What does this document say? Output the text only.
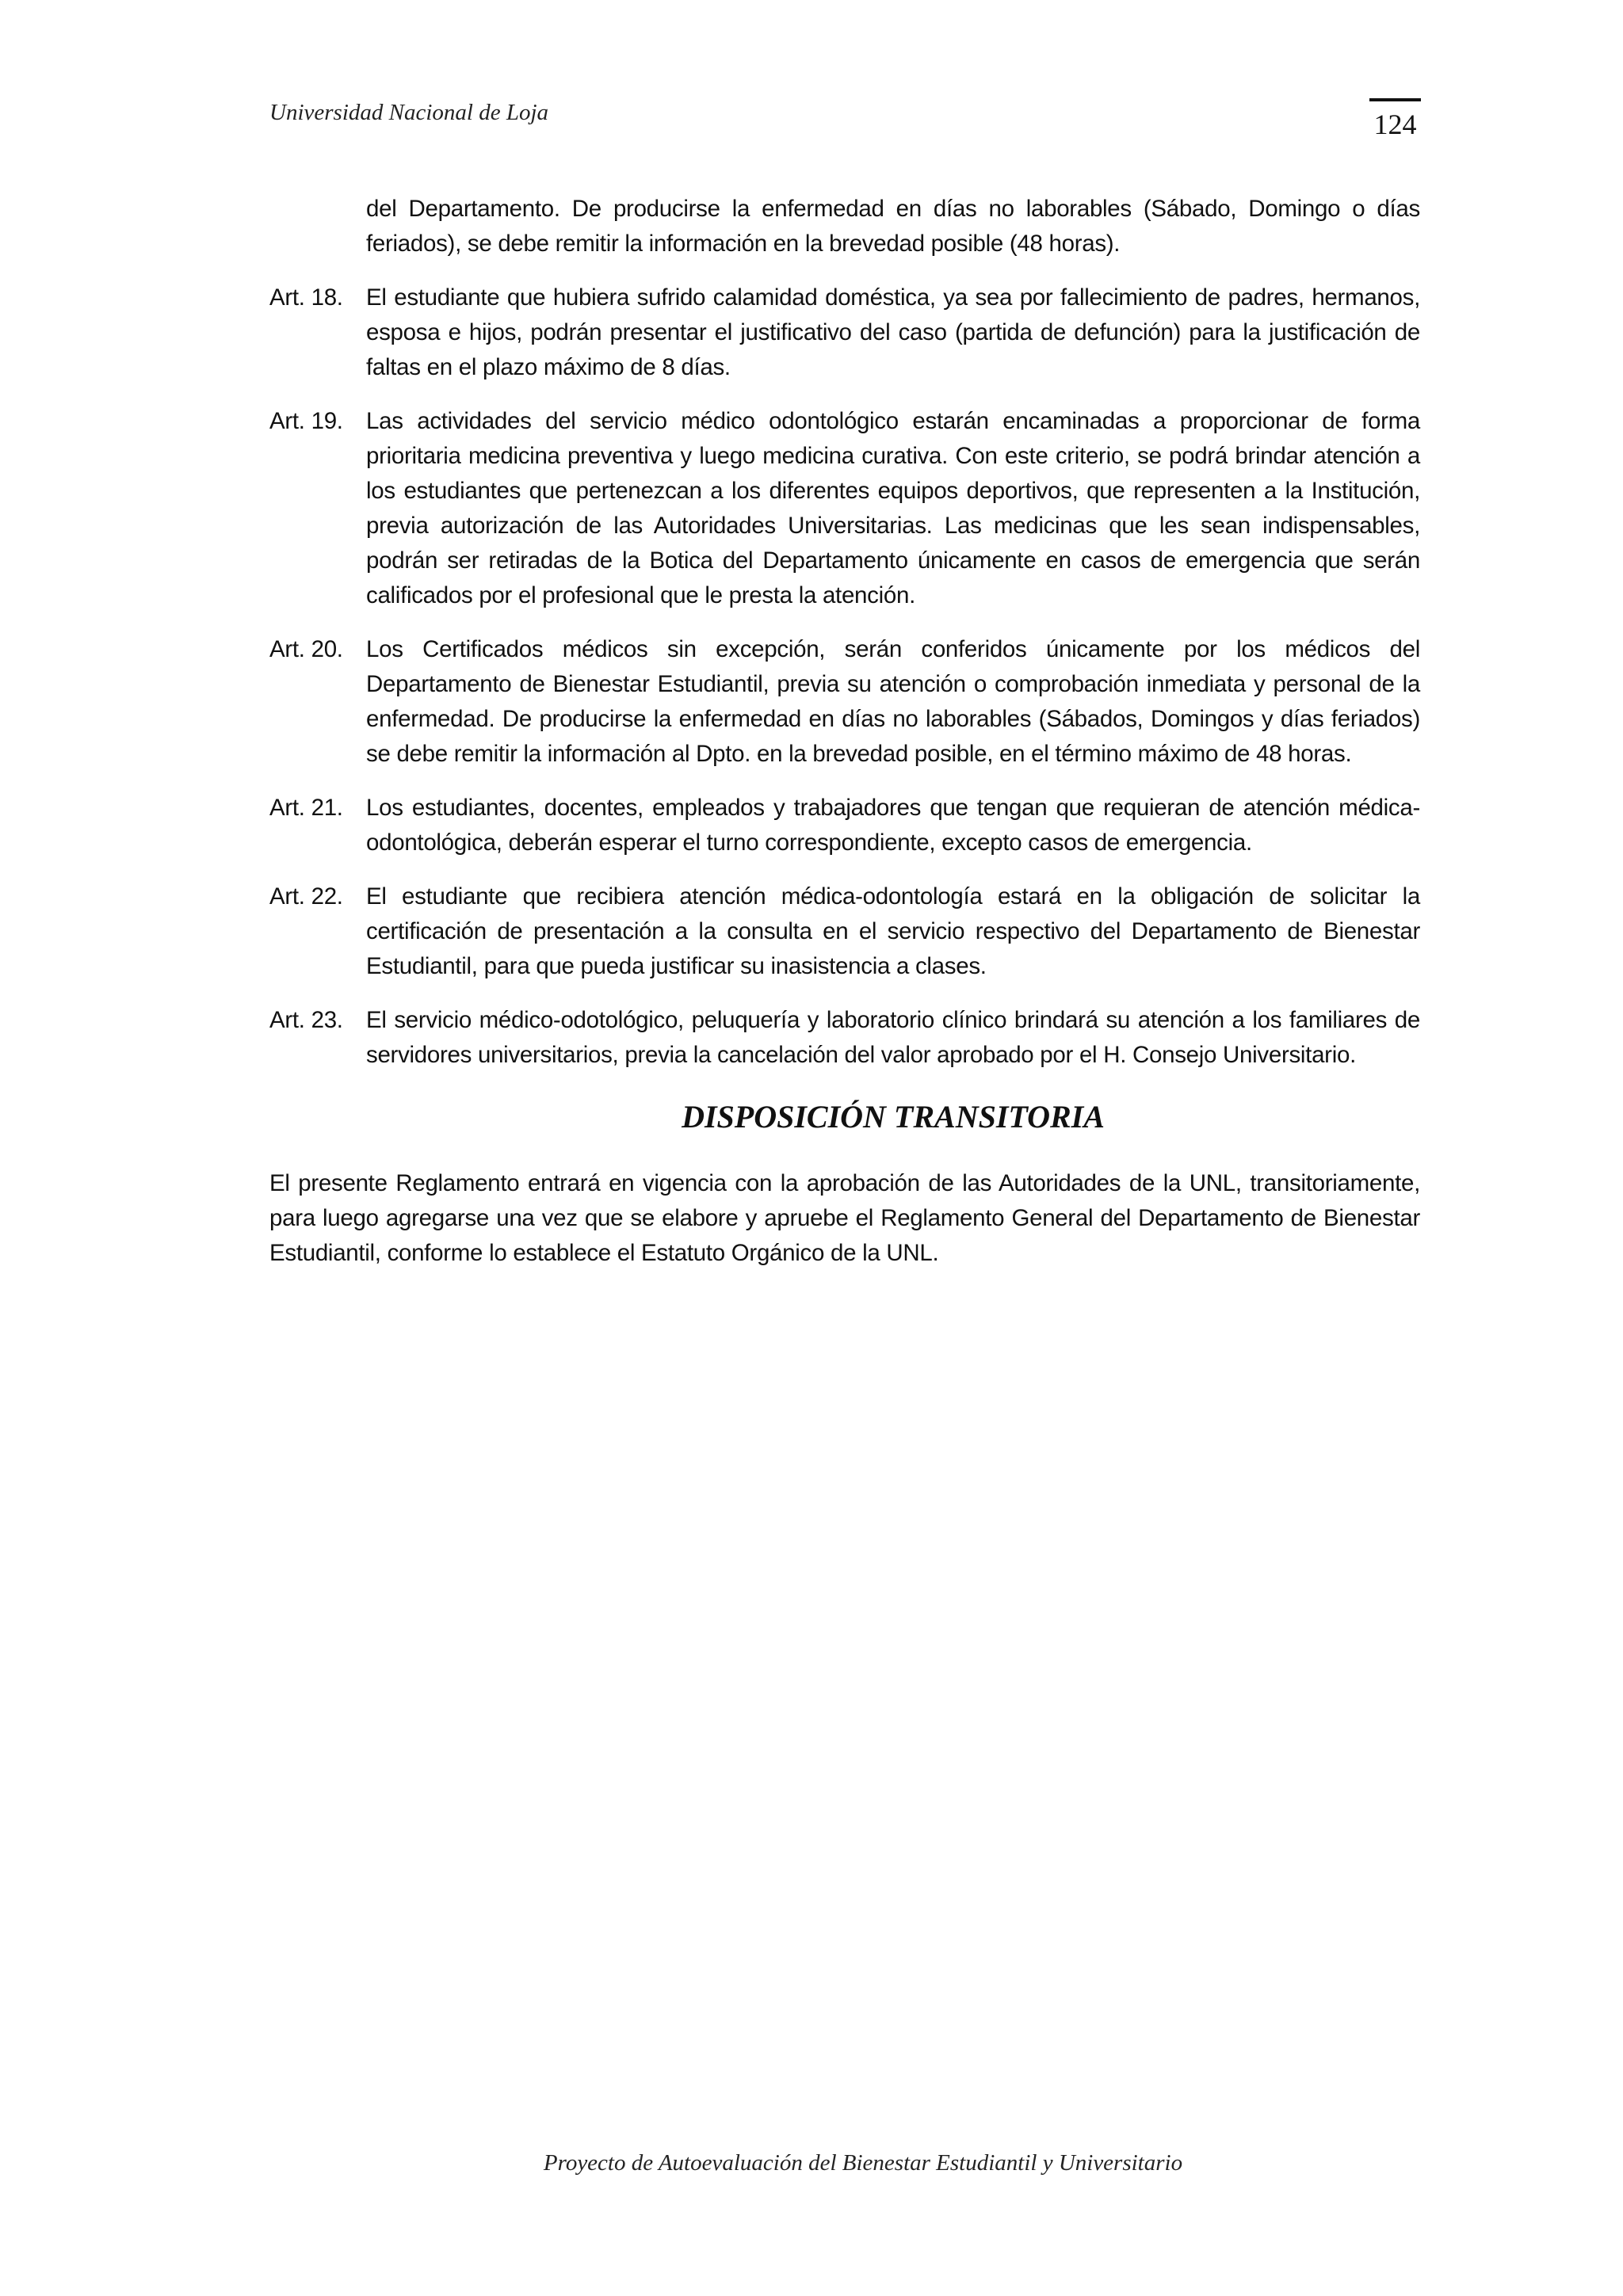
Universidad Nacional de Loja	124
del Departamento. De producirse la enfermedad en días no laborables (Sábado, Domingo o días feriados), se debe remitir la información en la brevedad posible (48 horas).
Art. 18. El estudiante que hubiera sufrido calamidad doméstica, ya sea por fallecimiento de padres, hermanos, esposa e hijos, podrán presentar el justificativo del caso (partida de defunción) para la justificación de faltas en el plazo máximo de 8 días.
Art. 19. Las actividades del servicio médico odontológico estarán encaminadas a proporcionar de forma prioritaria medicina preventiva y luego medicina curativa. Con este criterio, se podrá brindar atención a los estudiantes que pertenezcan a los diferentes equipos deportivos, que representen a la Institución, previa autorización de las Autoridades Universitarias. Las medicinas que les sean indispensables, podrán ser retiradas de la Botica del Departamento únicamente en casos de emergencia que serán calificados por el profesional que le presta la atención.
Art. 20. Los Certificados médicos sin excepción, serán conferidos únicamente por los médicos del Departamento de Bienestar Estudiantil, previa su atención o comprobación inmediata y personal de la enfermedad. De producirse la enfermedad en días no laborables (Sábados, Domingos y días feriados) se debe remitir la información al Dpto. en la brevedad posible, en el término máximo de 48 horas.
Art. 21. Los estudiantes, docentes, empleados y trabajadores que tengan que requieran de atención médica-odontológica, deberán esperar el turno correspondiente, excepto casos de emergencia.
Art. 22. El estudiante que recibiera atención médica-odontología estará en la obligación de solicitar la certificación de presentación a la consulta en el servicio respectivo del Departamento de Bienestar Estudiantil, para que pueda justificar su inasistencia a clases.
Art. 23. El servicio médico-odotológico, peluquería y laboratorio clínico brindará su atención a los familiares de servidores universitarios, previa la cancelación del valor aprobado por el H. Consejo Universitario.
DISPOSICIÓN TRANSITORIA
El presente Reglamento entrará en vigencia con la aprobación de las Autoridades de la UNL, transitoriamente, para luego agregarse una vez que se elabore y apruebe el Reglamento General del Departamento de Bienestar Estudiantil, conforme lo establece el Estatuto Orgánico de la UNL.
Proyecto de Autoevaluación del Bienestar Estudiantil y Universitario
